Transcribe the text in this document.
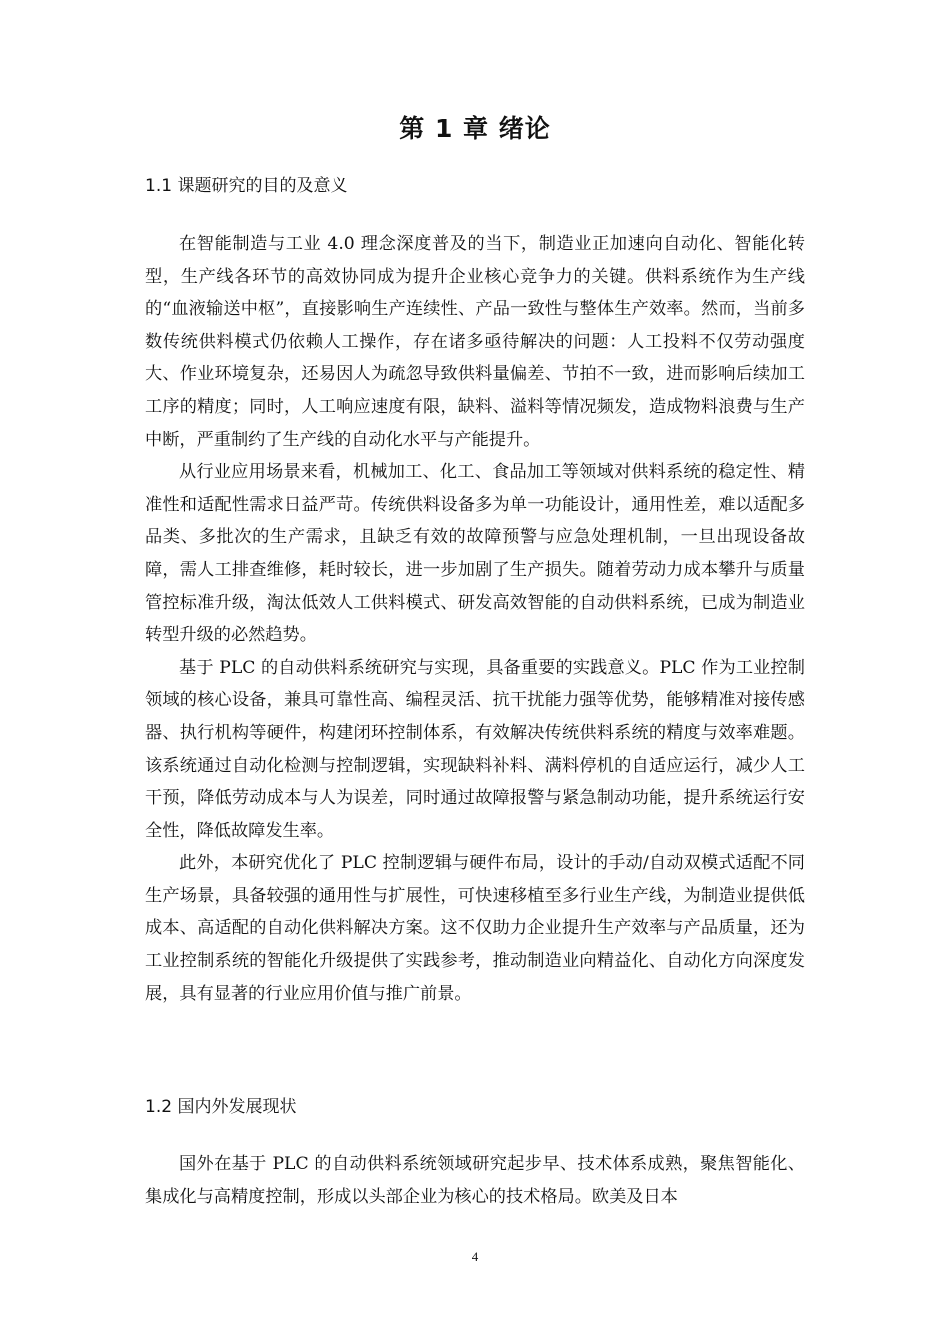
第 1 章 绪论
1.1 课题研究的目的及意义

在智能制造与工业 4.0 理念深度普及的当下，制造业正加速向自动化、智能化转型，生产线各环节的高效协同成为提升企业核心竞争力的关键。供料系统作为生产线的“血液输送中枢”，直接影响生产连续性、产品一致性与整体生产效率。然而，当前多数传统供料模式仍依赖人工操作，存在诸多亟待解决的问题：人工投料不仅劳动强度大、作业环境复杂，还易因人为疏忽导致供料量偏差、节拍不一致，进而影响后续加工工序的精度；同时，人工响应速度有限，缺料、溢料等情况频发，造成物料浪费与生产中断，严重制约了生产线的自动化水平与产能提升。

从行业应用场景来看，机械加工、化工、食品加工等领域对供料系统的稳定性、精准性和适配性需求日益严苛。传统供料设备多为单一功能设计，通用性差，难以适配多品类、多批次的生产需求，且缺乏有效的故障预警与应急处理机制，一旦出现设备故障，需人工排查维修，耗时较长，进一步加剧了生产损失。随着劳动力成本攀升与质量管控标准升级，淘汰低效人工供料模式、研发高效智能的自动供料系统，已成为制造业转型升级的必然趋势。

基于 PLC 的自动供料系统研究与实现，具备重要的实践意义。PLC 作为工业控制领域的核心设备，兼具可靠性高、编程灵活、抗干扰能力强等优势，能够精准对接传感器、执行机构等硬件，构建闭环控制体系，有效解决传统供料系统的精度与效率难题。该系统通过自动化检测与控制逻辑，实现缺料补料、满料停机的自适应运行，减少人工干预，降低劳动成本与人为误差，同时通过故障报警与紧急制动功能，提升系统运行安全性，降低故障发生率。

此外，本研究优化了 PLC 控制逻辑与硬件布局，设计的手动/自动双模式适配不同生产场景，具备较强的通用性与扩展性，可快速移植至多行业生产线，为制造业提供低成本、高适配的自动化供料解决方案。这不仅助力企业提升生产效率与产品质量，还为工业控制系统的智能化升级提供了实践参考，推动制造业向精益化、自动化方向深度发展，具有显著的行业应用价值与推广前景。

1.2 国内外发展现状

国外在基于 PLC 的自动供料系统领域研究起步早、技术体系成熟，聚焦智能化、集成化与高精度控制，形成以头部企业为核心的技术格局。欧美及日本

4
